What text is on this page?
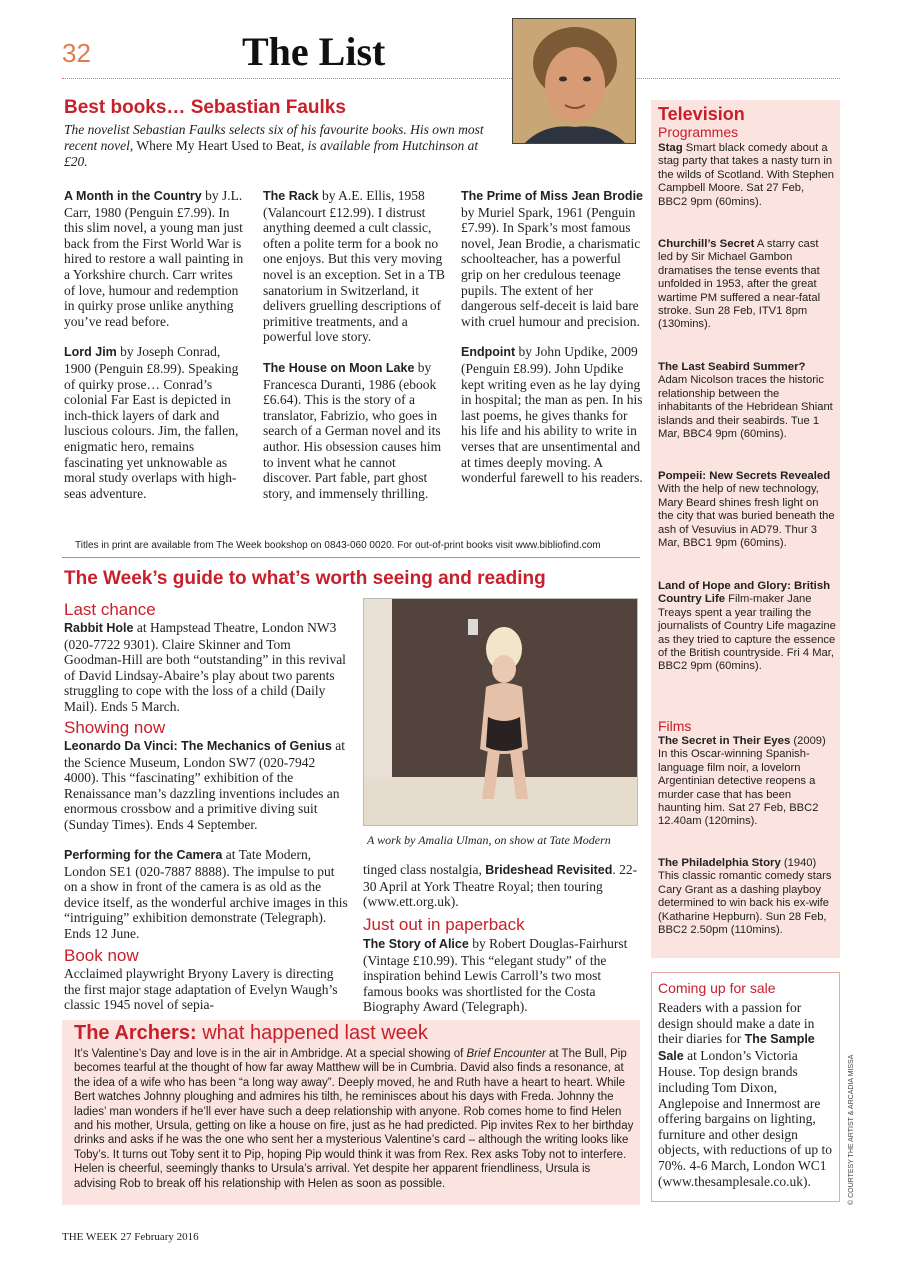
32	The List
Best books… Sebastian Faulks
The novelist Sebastian Faulks selects six of his favourite books. His own most recent novel, Where My Heart Used to Beat, is available from Hutchinson at £20.

A Month in the Country by J.L. Carr, 1980 (Penguin £7.99). In this slim novel, a young man just back from the First World War is hired to restore a wall painting in a Yorkshire church. Carr writes of love, humour and redemption in quirky prose unlike anything you’ve read before.

Lord Jim by Joseph Conrad, 1900 (Penguin £8.99). Speaking of quirky prose… Conrad’s colonial Far East is depicted in inch-thick layers of dark and luscious colours. Jim, the fallen, enigmatic hero, remains fascinating yet unknowable as moral study overlaps with high-seas adventure.

The Rack by A.E. Ellis, 1958 (Valancourt £12.99). I distrust anything deemed a cult classic, often a polite term for a book no one enjoys. But this very moving novel is an exception. Set in a TB sanatorium in Switzerland, it delivers gruelling descriptions of primitive treatments, and a powerful love story.

The House on Moon Lake by Francesca Duranti, 1986 (ebook £6.64). This is the story of a translator, Fabrizio, who goes in search of a German novel and its author. His obsession causes him to invent what he cannot discover. Part fable, part ghost story, and immensely thrilling.

The Prime of Miss Jean Brodie by Muriel Spark, 1961 (Penguin £7.99). In Spark’s most famous novel, Jean Brodie, a charismatic schoolteacher, has a powerful grip on her credulous teenage pupils. The extent of her dangerous self-deceit is laid bare with cruel humour and precision.

Endpoint by John Updike, 2009 (Penguin £8.99). John Updike kept writing even as he lay dying in hospital; the man as pen. In his last poems, he gives thanks for his life and his ability to write in verses that are unsentimental and at times deeply moving. A wonderful farewell to his readers.

Titles in print are available from The Week bookshop on 0843-060 0020. For out-of-print books visit www.bibliofind.com
The Week’s guide to what’s worth seeing and reading
Last chance
Rabbit Hole at Hampstead Theatre, London NW3 (020-7722 9301). Claire Skinner and Tom Goodman-Hill are both “outstanding” in this revival of David Lindsay-Abaire’s play about two parents struggling to cope with the loss of a child (Daily Mail). Ends 5 March.
Showing now
Leonardo Da Vinci: The Mechanics of Genius at the Science Museum, London SW7 (020-7942 4000). This “fascinating” exhibition of the Renaissance man’s dazzling inventions includes an enormous crossbow and a primitive diving suit (Sunday Times). Ends 4 September.
Performing for the Camera at Tate Modern, London SE1 (020-7887 8888). The impulse to put on a show in front of the camera is as old as the device itself, as the wonderful archive images in this “intriguing” exhibition demonstrate (Telegraph). Ends 12 June.
Book now
Acclaimed playwright Bryony Lavery is directing the first major stage adaptation of Evelyn Waugh’s classic 1945 novel of sepia-
A work by Amalia Ulman, on show at Tate Modern
tinged class nostalgia, Brideshead Revisited. 22-30 April at York Theatre Royal; then touring (www.ett.org.uk).
Just out in paperback
The Story of Alice by Robert Douglas-Fairhurst (Vintage £10.99). This “elegant study” of the inspiration behind Lewis Carroll’s two most famous books was shortlisted for the Costa Biography Award (Telegraph).
Television
Programmes
Stag Smart black comedy about a stag party that takes a nasty turn in the wilds of Scotland. With Stephen Campbell Moore. Sat 27 Feb, BBC2 9pm (60mins).
Churchill’s Secret A starry cast led by Sir Michael Gambon dramatises the tense events that unfolded in 1953, after the great wartime PM suffered a near-fatal stroke. Sun 28 Feb, ITV1 8pm (130mins).
The Last Seabird Summer? Adam Nicolson traces the historic relationship between the inhabitants of the Hebridean Shiant islands and their seabirds. Tue 1 Mar, BBC4 9pm (60mins).
Pompeii: New Secrets Revealed With the help of new technology, Mary Beard shines fresh light on the city that was buried beneath the ash of Vesuvius in AD79. Thur 3 Mar, BBC1 9pm (60mins).
Land of Hope and Glory: British Country Life Film-maker Jane Treays spent a year trailing the journalists of Country Life magazine as they tried to capture the essence of the British countryside. Fri 4 Mar, BBC2 9pm (60mins).
Films
The Secret in Their Eyes (2009) In this Oscar-winning Spanish-language film noir, a lovelorn Argentinian detective reopens a murder case that has been haunting him. Sat 27 Feb, BBC2 12.40am (120mins).
The Philadelphia Story (1940) This classic romantic comedy stars Cary Grant as a dashing playboy determined to win back his ex-wife (Katharine Hepburn). Sun 28 Feb, BBC2 2.50pm (110mins).
Coming up for sale
Readers with a passion for design should make a date in their diaries for The Sample Sale at London’s Victoria House. Top design brands including Tom Dixon, Anglepoise and Innermost are offering bargains on lighting, furniture and other design objects, with reductions of up to 70%. 4-6 March, London WC1 (www.thesamplesale.co.uk).
The Archers: what happened last week
It’s Valentine’s Day and love is in the air in Ambridge. At a special showing of Brief Encounter at The Bull, Pip becomes tearful at the thought of how far away Matthew will be in Cumbria. David also finds a resonance, at the idea of a wife who has been “a long way away”. Deeply moved, he and Ruth have a heart to heart. While Bert watches Johnny ploughing and admires his tilth, he reminisces about his days with Freda. Johnny the ladies’ man wonders if he’ll ever have such a deep relationship with anyone. Rob comes home to find Helen and his mother, Ursula, getting on like a house on fire, just as he had predicted. Pip invites Rex to her birthday drinks and asks if he was the one who sent her a mysterious Valentine’s card – although the writing looks like Toby’s. It turns out Toby sent it to Pip, hoping Pip would think it was from Rex. Rex asks Toby not to interfere. Helen is cheerful, seemingly thanks to Ursula’s arrival. Yet despite her apparent friendliness, Ursula is advising Rob to break off his relationship with Helen as soon as possible.	© COURTESY THE ARTIST & ARCADIA MISSA
THE WEEK 27 February 2016
